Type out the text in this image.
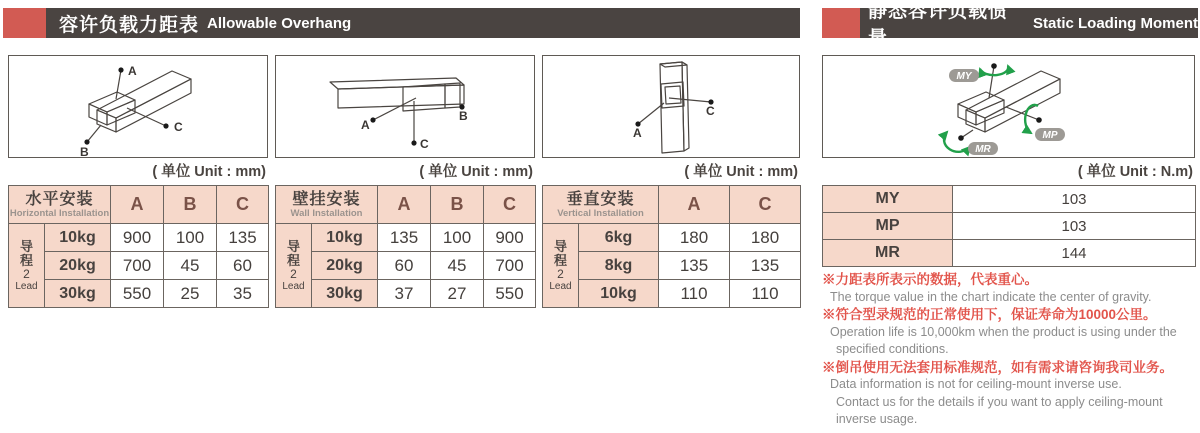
容许负载力距表 Allowable Overhang
静态容许负载惯量
Static Loading Moment
A
B
C	A
B
C
A
C
MY
MP
MR
( 单位 Unit : mm)	( 单位 Unit : mm)	( 单位 Unit : mm)	( 单位 Unit : N.m)
水平安装
Horizontal Installation		A	B	C

导
程
2
Lead	10kg	900	100	135
	20kg	700	45	60
	30kg	550	25	35
壁挂安装
Wall Installation		A	B	C

导
程
2
Lead	10kg	135	100	900
	20kg	60	45	700
	30kg	37	27	550
垂直安装
Vertical Installation		A	C

导
程
2
Lead	6kg	180	180
	8kg	135	135
	10kg	110	110
MY	103
MP	103
MR	144
※力距表所表示的数据，代表重心。
The torque value in the chart indicate the center of gravity.
※符合型录规范的正常使用下，保证寿命为10000公里。
Operation life is 10,000km when the product is using under the
specified conditions.
※倒吊使用无法套用标准规范，如有需求请咨询我司业务。
Data information is not for ceiling-mount inverse use.
Contact us for the details if you want to apply ceiling-mount
inverse usage.
